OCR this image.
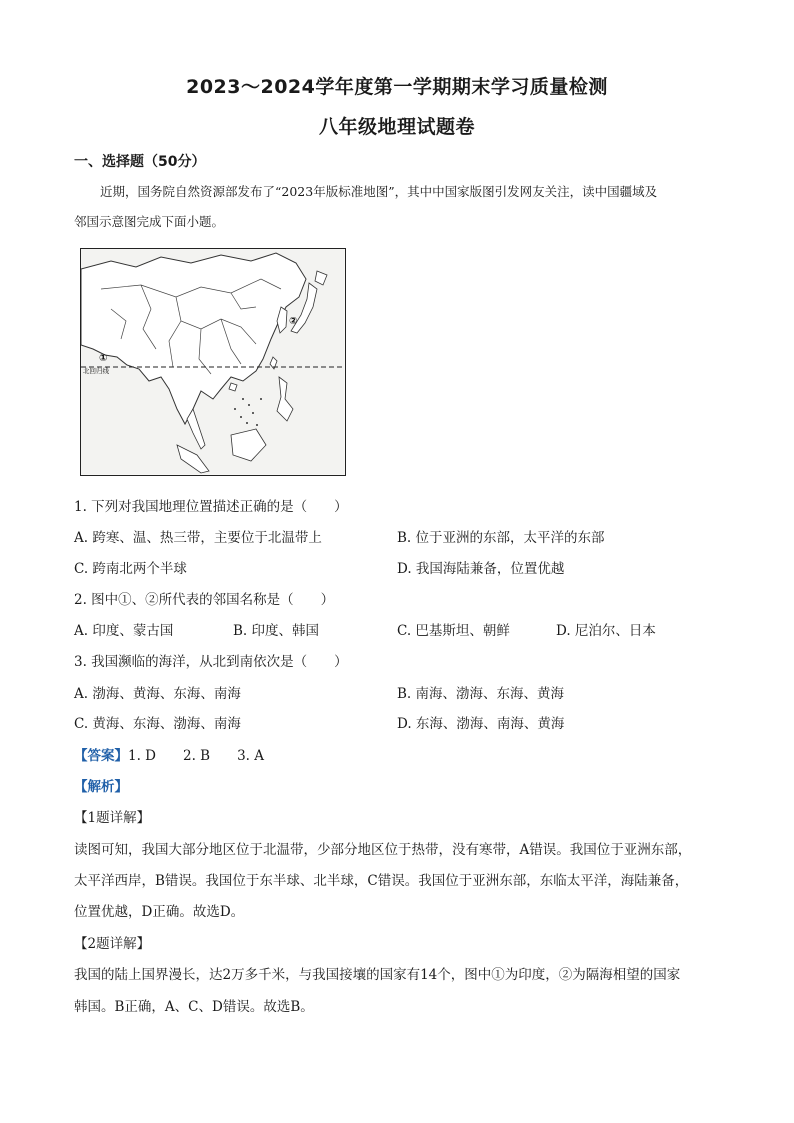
2023～2024学年度第一学期期末学习质量检测
八年级地理试题卷
一、选择题（50分）
近期，国务院自然资源部发布了“2023年版标准地图”，其中中国家版图引发网友关注，读中国疆域及
邻国示意图完成下面小题。
北回归线
①
②
1. 下列对我国地理位置描述正确的是（　　）
A. 跨寒、温、热三带，主要位于北温带上	B. 位于亚洲的东部，太平洋的东部
C. 跨南北两个半球	D. 我国海陆兼备，位置优越
2. 图中①、②所代表的邻国名称是（　　）
A. 印度、蒙古国	B. 印度、韩国	C. 巴基斯坦、朝鲜	D. 尼泊尔、日本
3. 我国濒临的海洋，从北到南依次是（　　）
A. 渤海、黄海、东海、南海	B. 南海、渤海、东海、黄海
C. 黄海、东海、渤海、南海	D. 东海、渤海、南海、黄海
【答案】1. D　　2. B　　3. A
【解析】
【1题详解】
读图可知，我国大部分地区位于北温带，少部分地区位于热带，没有寒带，A错误。我国位于亚洲东部，
太平洋西岸，B错误。我国位于东半球、北半球，C错误。我国位于亚洲东部，东临太平洋，海陆兼备，
位置优越，D正确。故选D。
【2题详解】
我国的陆上国界漫长，达2万多千米，与我国接壤的国家有14个，图中①为印度，②为隔海相望的国家
韩国。B正确，A、C、D错误。故选B。
